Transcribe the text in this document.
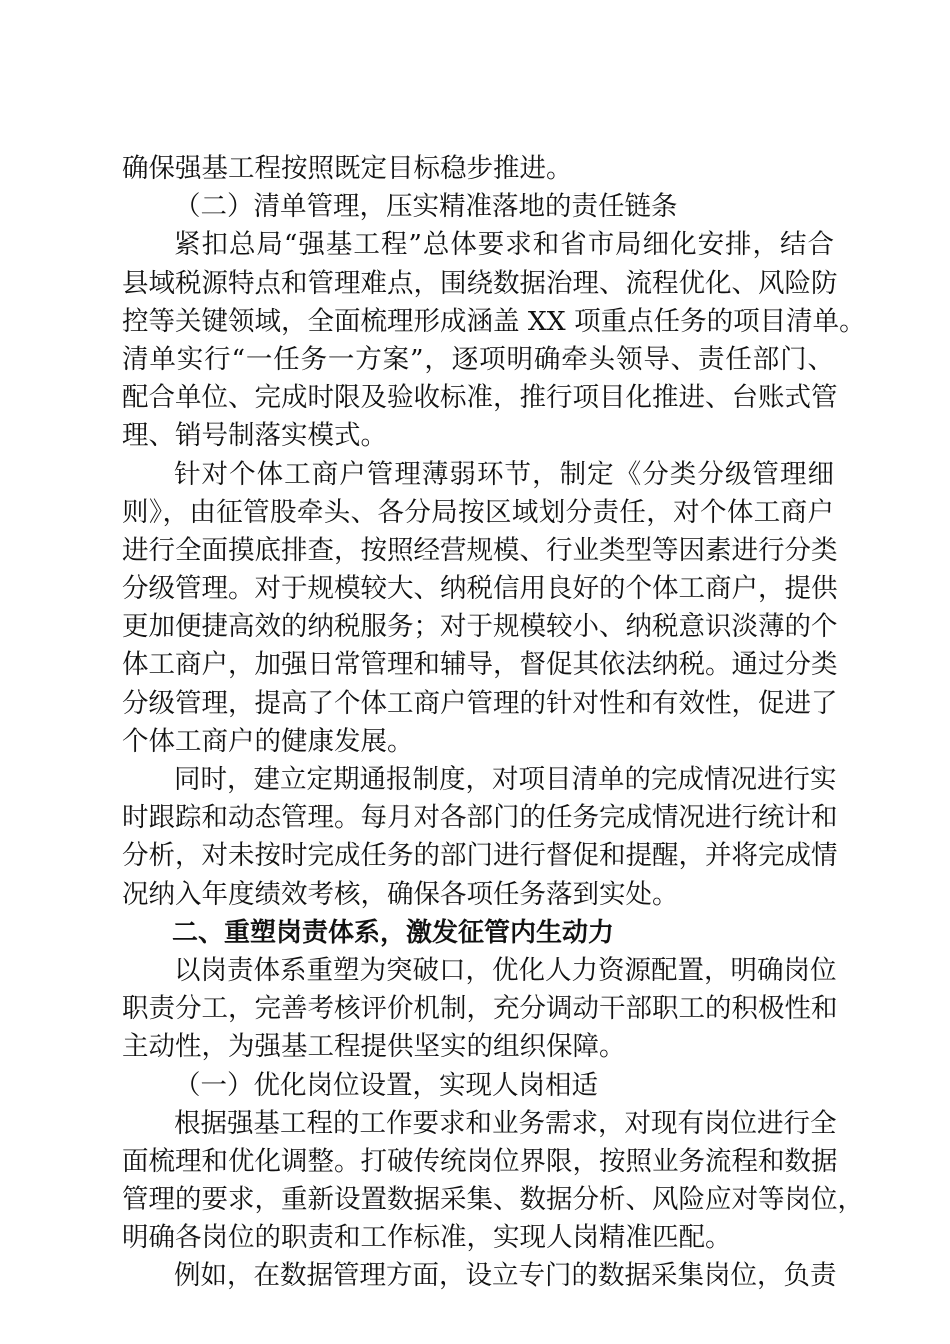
确保强基工程按照既定目标稳步推进。
（二）清单管理，压实精准落地的责任链条
紧扣总局“强基工程”总体要求和省市局细化安排，结合
县域税源特点和管理难点，围绕数据治理、流程优化、风险防
控等关键领域，全面梳理形成涵盖 XX 项重点任务的项目清单。
清单实行“一任务一方案”，逐项明确牵头领导、责任部门、
配合单位、完成时限及验收标准，推行项目化推进、台账式管
理、销号制落实模式。
针对个体工商户管理薄弱环节，制定《分类分级管理细
则》，由征管股牵头、各分局按区域划分责任，对个体工商户
进行全面摸底排查，按照经营规模、行业类型等因素进行分类
分级管理。对于规模较大、纳税信用良好的个体工商户，提供
更加便捷高效的纳税服务；对于规模较小、纳税意识淡薄的个
体工商户，加强日常管理和辅导，督促其依法纳税。通过分类
分级管理，提高了个体工商户管理的针对性和有效性，促进了
个体工商户的健康发展。
同时，建立定期通报制度，对项目清单的完成情况进行实
时跟踪和动态管理。每月对各部门的任务完成情况进行统计和
分析，对未按时完成任务的部门进行督促和提醒，并将完成情
况纳入年度绩效考核，确保各项任务落到实处。
二、重塑岗责体系，激发征管内生动力
以岗责体系重塑为突破口，优化人力资源配置，明确岗位
职责分工，完善考核评价机制，充分调动干部职工的积极性和
主动性，为强基工程提供坚实的组织保障。
（一）优化岗位设置，实现人岗相适
根据强基工程的工作要求和业务需求，对现有岗位进行全
面梳理和优化调整。打破传统岗位界限，按照业务流程和数据
管理的要求，重新设置数据采集、数据分析、风险应对等岗位，
明确各岗位的职责和工作标准，实现人岗精准匹配。
例如，在数据管理方面，设立专门的数据采集岗位，负责
